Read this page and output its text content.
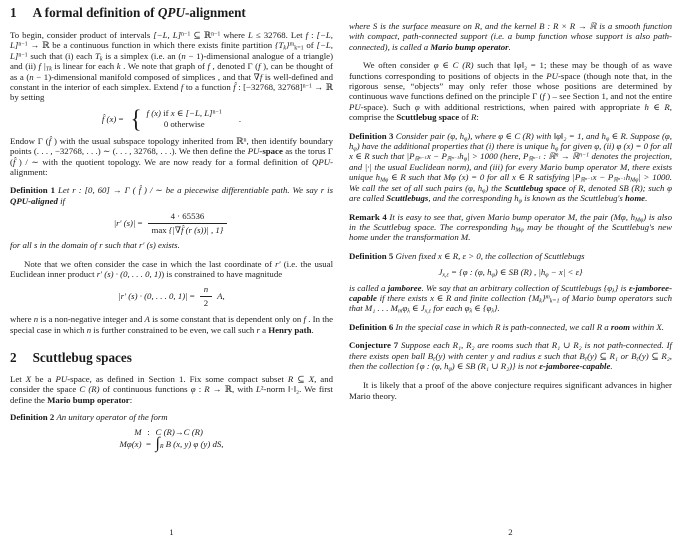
1 A formal definition of QPU-alignment

To begin, consider product of intervals [−L, L]$^{n-1}$ ⊆ ℝ$^{n-1}$ where L ≤ 32768. Let f : [−L, L]$^{n-1}$ → ℝ be a continuous function in which there exists finite partition $\{T_k\}^m_{k=1}$ of [−L, L]$^{n-1}$ such that (i) each $T_k$ is a simplex (i.e. an (n − 1)-dimensional analogue of a triangle) and (ii) f $|_{Tk}$ is linear for each k . We note that graph of f , denoted Γ (f ), can be thought of as a (n − 1)-dimensional manifold composed of simplices , and that ∇f is well-defined and constant in the interior of each simplex. Extend f to a function f̂ : [−32768, 32768]$^{n-1}$ → ℝ by setting

f̂ (x) = { f (x) if x ∈ [−L, L]$^{n-1}$
0 otherwise
.

Endow Γ (f̂ ) with the usual subspace topology inherited from ℝ$^n$, then identify boundary points (. . . , −32768, . . .) ∼ (. . . , 32768, . . .). We then define the PU-space as the torus Γ (f̂ ) / ∼ with the quotient topology. We are now ready for a formal definition of QPU-alignment:

Definition 1 Let r : [0, 60] → Γ ( f̂ ) / ∼ be a piecewise differentiable path. We say r is QPU-aligned if

|r′ $(s)| = \frac{4 \cdot 65536}{\max \{|\nabla f̂ (r (s))| , 1\}}$

for all s in the domain of r such that r′ (s) exists.

Note that we often consider the case in which the last coordinate of r′ (i.e. the usual Euclidean inner product r′ (s) · (0, . . . 0, 1)) is constrained to have magnitude

|r′ (s) · (0, . . . 0, $1)| = \frac{n}{2} A$,

where n is a non-negative integer and A is some constant that is dependent only on f . In the special case in which n is further constrained to be even, we call such r a Henry path.

2 Scuttlebug spaces

Let X be a PU-space, as defined in Section 1. Fix some compact subset R ⊆ X, and consider the space C (R) of continuous functions φ : R → ℝ, with L²-norm ‖·‖₂. We first define the Mario bump operator:

Definition 2 An unitary operator of the form

M : C (R) → C (R)
Mφ(x) = ∫ R B (x, y) φ (y) dS,
1

where S is the surface measure on R, and the kernel B : R × R → ℝ is a smooth function with compact, path-connected support (i.e. a bump function whose support is also path-connected), is called a Mario bump operator.

We often consider φ ∈ C (R) such that ‖φ‖₂ = 1; these may be though of as wave functions corresponding to positions of objects in the PU-space (though note that, in the rigorous sense, “objects” may only refer those whose positions are determined by continuous wave functions defined on the principle Γ (f ) – see Section 1, and not the entire PU-space). Such φ with additional restrictions, when paired with appropriate h ∈ R, comprise the Scuttlebug space of R:

Definition 3 Consider pair (φ, $h_\varphi$), where φ ∈ C (R) with ‖φ‖₂ = 1, and $h_\varphi$ ∈ R. Suppose (φ, $h_\varphi$) have the additional properties that (i) there is unique $h_\varphi$ for given φ, (ii) φ (x) = 0 for all x ∈ R such that $|P_ℝn-1x - P_ℝn-1h_\varphi| > 1000$ (here, $P_ℝn-1$ : ℝ$^n$ → ℝ$^{n-1}$ denotes the projection, and |·| the usual Euclidean norm), and (iii) for every Mario bump operator M, there exists unique $h_{M\varphi}$ ∈ R such that Mφ (x) = 0 for all x ∈ R satisfying $|P_ℝn-1x - P_ℝn-1h_{M\varphi}| > 1000$. We call the set of all such pairs (φ, $h_\varphi$) the Scuttlebug space of R, denoted SB (R); such φ are called Scuttlebugs, and the corresponding $h_\varphi$ is known as the Scuttlebug's home.

Remark 4 It is easy to see that, given Mario bump operator M, the pair (Mφ, $h_{M\varphi}$) is also in the Scuttlebug space. The corresponding $h_{M\varphi}$ may be thought of the Scuttlebug's new home under the transformation M.

Definition 5 Given fixed x ∈ R, ε > 0, the collection of Scuttlebugs

$J_{x,\varepsilon} = \{\varphi$ : (φ, $h_\varphi$) ∈ SB (R) , $|h_\varphi - x| < \varepsilon$}

is called a jamboree. We say that an arbitrary collection of Scuttlebugs $\{\varphi_\lambda\}$ is ε-jamboree-capable if there exists x ∈ R and finite collection $\{M_k\}^m_{k=1}$ of Mario bump operators such that M₁ . . . $M_m\varphi_\lambda$ ∈ $J_{x,\varepsilon}$ for each $\varphi_\lambda$ ∈ $\{\varphi_\lambda\}$.

Definition 6 In the special case in which R is path-connected, we call R a room within X.

Conjecture 7 Suppose each R₁, R₂ are rooms such that R₁ ∪ R₂ is not path-connected. If there exists open ball $B_\varepsilon(y)$ with center y and radius ε such that $B_\varepsilon(y)$ ⊆ R₁ or $B_\varepsilon(y)$ ⊆ R₂, then the collection {φ : (φ, $h_\varphi$) ∈ SB (R₁ ∪ R₂)} is not ε-jamboree-capable.

It is likely that a proof of the above conjecture requires significant advances in higher Mario theory.

2
